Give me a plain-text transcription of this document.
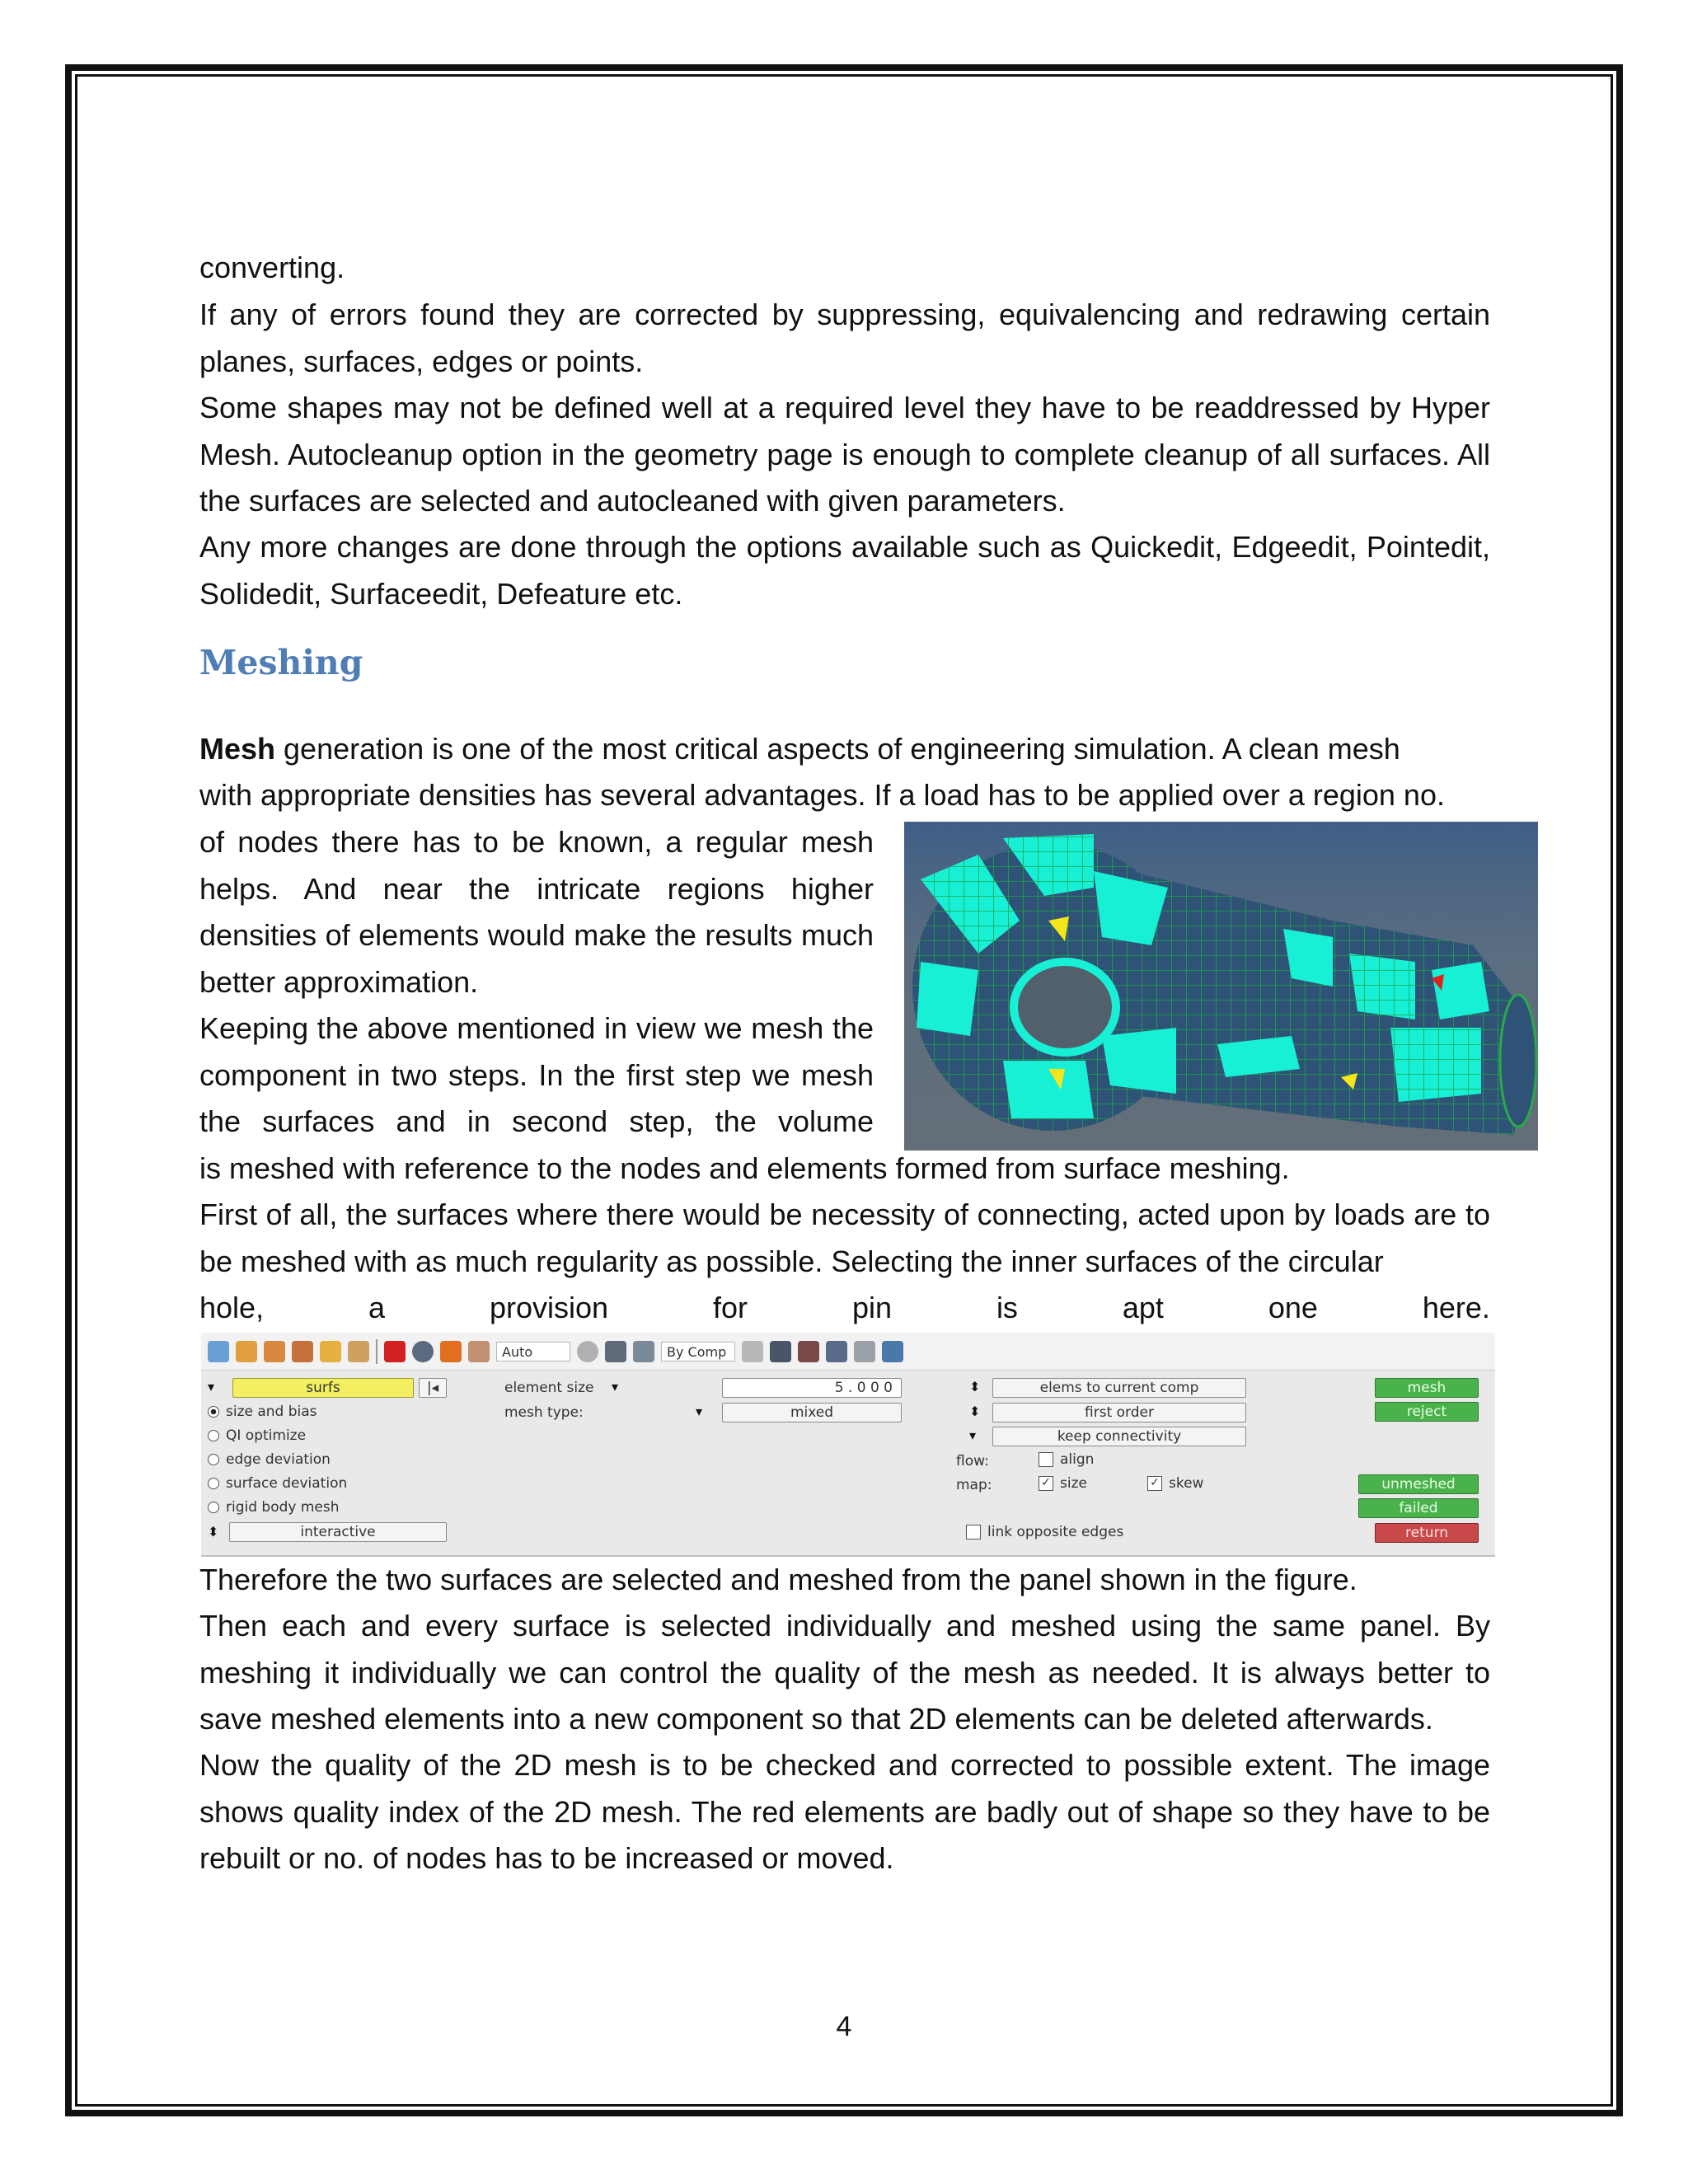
converting.

If any of errors found they are corrected by suppressing, equivalencing and redrawing certain planes, surfaces, edges or points.

Some shapes may not be defined well at a required level they have to be readdressed by Hyper Mesh. Autocleanup option in the geometry page is enough to complete cleanup of all surfaces. All the surfaces are selected and autocleaned with given parameters.

Any more changes are done through the options available such as Quickedit, Edgeedit, Pointedit, Solidedit, Surfaceedit, Defeature etc.

Meshing

Mesh generation is one of the most critical aspects of engineering simulation. A clean mesh

with appropriate densities has several advantages. If a load has to be applied over a region no.

of nodes there has to be known, a regular mesh helps. And near the intricate regions higher densities of elements would make the results much better approximation.

Keeping the above mentioned in view we mesh the component in two steps. In the first step we mesh the surfaces and in second step, the volume

is meshed with reference to the nodes and elements formed from surface meshing.

First of all, the surfaces where there would be necessity of connecting, acted upon by loads are to be meshed with as much regularity as possible. Selecting the inner surfaces of the circular

hole,	a	provision	for	pin	is	apt	one	here.
Auto	By Comp
▾	surfs	|◂
size and bias
QI optimize
edge deviation
surface deviation
rigid body mesh
⬍	interactive
element size ▾	5 . 0 0 0
mesh type:	▾	mixed
⬍	elems to current comp
⬍	first order
▾	keep connectivity
flow:	align
map:	✓ size	✓ skew
link opposite edges
mesh
reject
unmeshed
failed
return

Therefore the two surfaces are selected and meshed from the panel shown in the figure.

Then each and every surface is selected individually and meshed using the same panel. By meshing it individually we can control the quality of the mesh as needed. It is always better to save meshed elements into a new component so that 2D elements can be deleted afterwards.

Now the quality of the 2D mesh is to be checked and corrected to possible extent. The image shows quality index of the 2D mesh. The red elements are badly out of shape so they have to be rebuilt or no. of nodes has to be increased or moved.

4
